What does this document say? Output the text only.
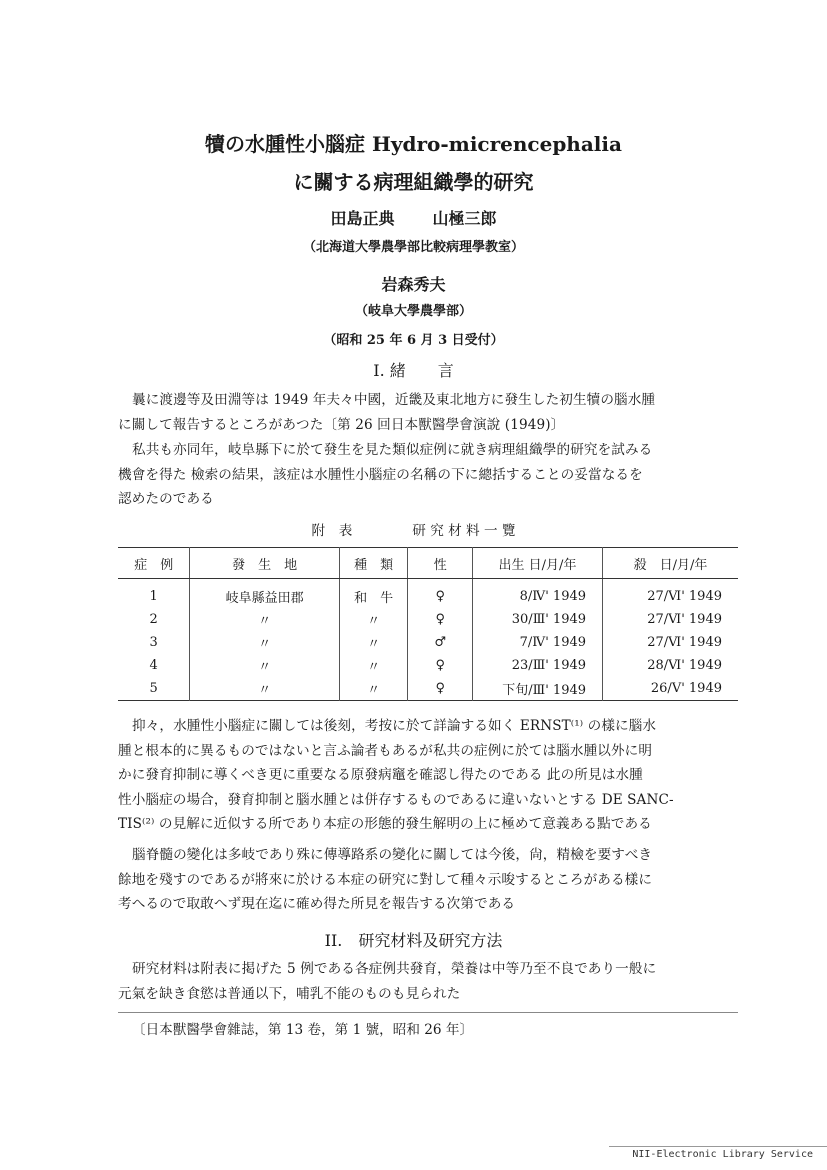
犢の水腫性小腦症 Hydro-micrencephalia
に關する病理組織學的研究
田島正典 山極三郎
（北海道大學農學部比較病理學教室）
岩森秀夫
（岐阜大學農學部）
（昭和 25 年 6 月 3 日受付）
I. 緒　　言
曩に渡邊等及田淵等は 1949 年夫々中國，近畿及東北地方に發生した初生犢の腦水腫
に關して報告するところがあつた〔第 26 回日本獸醫學會演說 (1949)〕
私共も亦同年，岐阜縣下に於て發生を見た類似症例に就き病理組織學的研究を試みる
機會を得た 檢索の結果，該症は水腫性小腦症の名稱の下に總括することの妥當なるを
認めたのである
附　表	研 究 材 料 一 覽
症　例	發　生　地	種　類	性	出生 日/月/年	殺　日/月/年
1	岐阜縣益田郡	和　牛	♀	8/Ⅳ' 1949	27/Ⅵ' 1949
2	〃	〃	♀	30/Ⅲ' 1949	27/Ⅵ' 1949
3	〃	〃	♂	7/Ⅳ' 1949	27/Ⅵ' 1949
4	〃	〃	♀	23/Ⅲ' 1949	28/Ⅵ' 1949
5	〃	〃	♀	下旬/Ⅲ' 1949	26/Ⅴ' 1949
抑々，水腫性小腦症に關しては後刻，考按に於て詳論する如く ERNST⁽¹⁾ の樣に腦水
腫と根本的に異るものではないと言ふ論者もあるが私共の症例に於ては腦水腫以外に明
かに發育抑制に導くべき更に重要なる原發病竈を確認し得たのである 此の所見は水腫
性小腦症の場合，發育抑制と腦水腫とは併存するものであるに違いないとする DE SANC-
TIS⁽²⁾ の見解に近似する所であり本症の形態的發生解明の上に極めて意義ある點である
腦脊髓の變化は多岐であり殊に傳導路系の變化に關しては今後，尙，精檢を要すべき
餘地を殘すのであるが將來に於ける本症の研究に對して種々示唆するところがある樣に
考へるので取敢へず現在迄に確め得た所見を報告する次第である
II.　研究材料及研究方法
研究材料は附表に掲げた 5 例である各症例共發育，榮養は中等乃至不良であり一般に
元氣を缺き食慾は普通以下，哺乳不能のものも見られた
〔日本獸醫學會雜誌，第 13 卷，第 1 號，昭和 26 年〕
NII-Electronic Library Service
